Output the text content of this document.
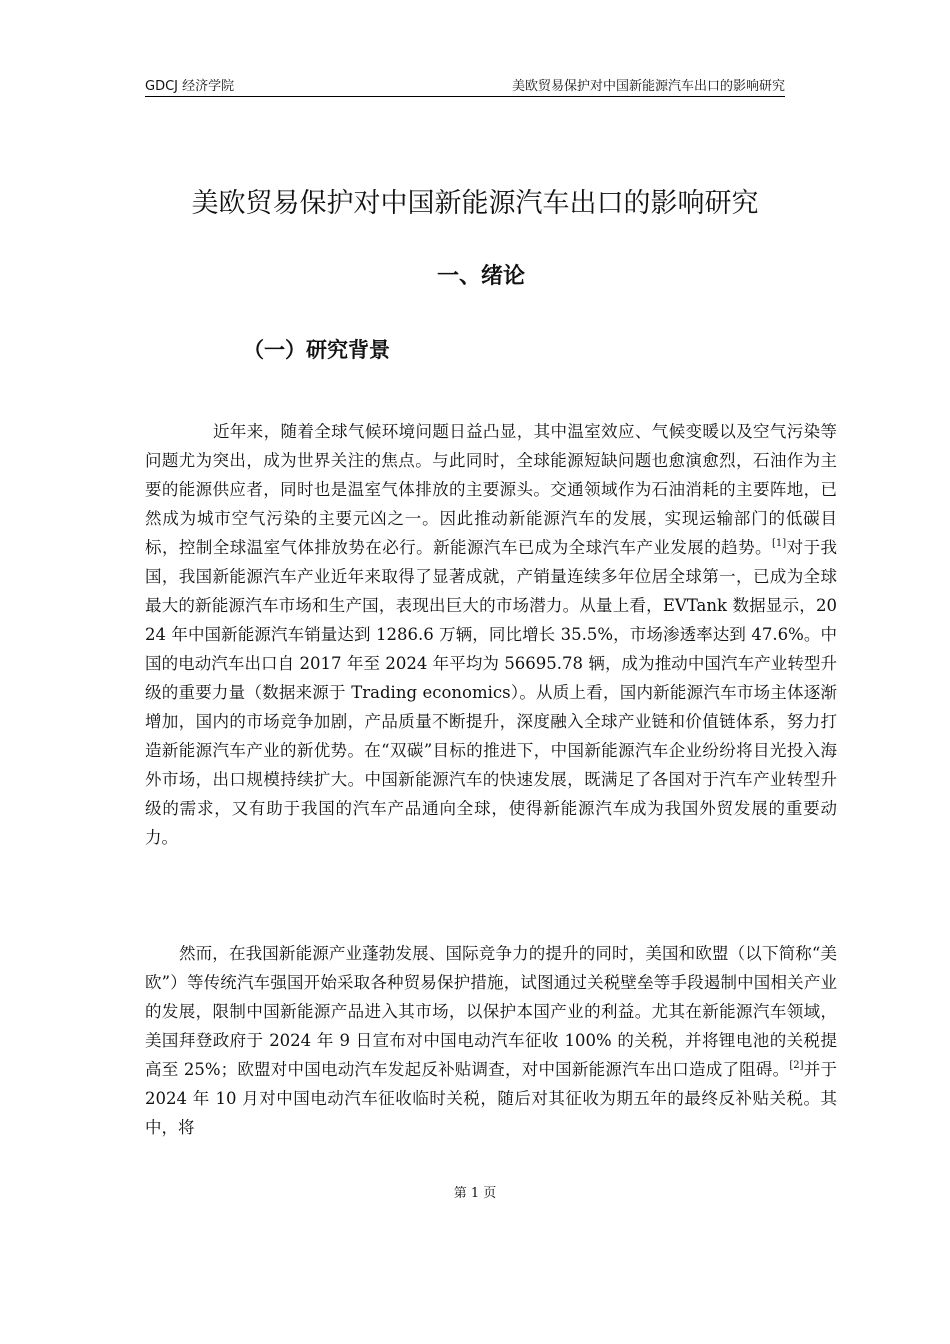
GDCJ 经济学院	美欧贸易保护对中国新能源汽车出口的影响研究
美欧贸易保护对中国新能源汽车出口的影响研究
一、绪论
（一）研究背景

近年来，随着全球气候环境问题日益凸显，其中温室效应、气候变暖以及空气污染等问题尤为突出，成为世界关注的焦点。与此同时，全球能源短缺问题也愈演愈烈，石油作为主要的能源供应者，同时也是温室气体排放的主要源头。交通领域作为石油消耗的主要阵地，已然成为城市空气污染的主要元凶之一。因此推动新能源汽车的发展，实现运输部门的低碳目标，控制全球温室气体排放势在必行。新能源汽车已成为全球汽车产业发展的趋势。[1]对于我国，我国新能源汽车产业近年来取得了显著成就，产销量连续多年位居全球第一，已成为全球最大的新能源汽车市场和生产国，表现出巨大的市场潜力。从量上看，EVTank 数据显示，2024 年中国新能源汽车销量达到 1286.6 万辆，同比增长 35.5%，市场渗透率达到 47.6%。中国的电动汽车出口自 2017 年至 2024 年平均为 56695.78 辆，成为推动中国汽车产业转型升级的重要力量（数据来源于 Trading economics）。从质上看，国内新能源汽车市场主体逐渐增加，国内的市场竞争加剧，产品质量不断提升，深度融入全球产业链和价值链体系，努力打造新能源汽车产业的新优势。在“双碳”目标的推进下，中国新能源汽车企业纷纷将目光投入海外市场，出口规模持续扩大。中国新能源汽车的快速发展，既满足了各国对于汽车产业转型升级的需求，又有助于我国的汽车产品通向全球，使得新能源汽车成为我国外贸发展的重要动力。

然而，在我国新能源产业蓬勃发展、国际竞争力的提升的同时，美国和欧盟（以下简称“美欧”）等传统汽车强国开始采取各种贸易保护措施，试图通过关税壁垒等手段遏制中国相关产业的发展，限制中国新能源产品进入其市场，以保护本国产业的利益。尤其在新能源汽车领域，美国拜登政府于 2024 年 9 日宣布对中国电动汽车征收 100% 的关税，并将锂电池的关税提高至 25%；欧盟对中国电动汽车发起反补贴调查，对中国新能源汽车出口造成了阻碍。[2]并于 2024 年 10 月对中国电动汽车征收临时关税，随后对其征收为期五年的最终反补贴关税。其中，将

第 1 页
